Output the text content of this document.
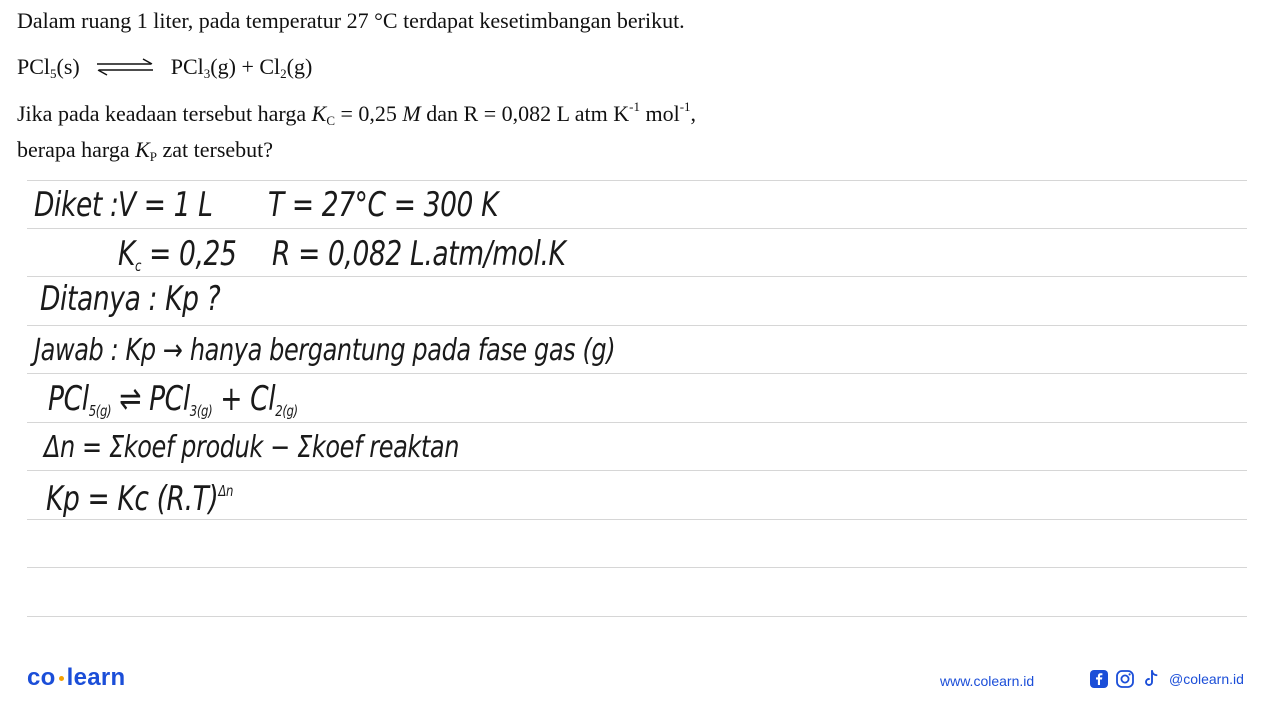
Dalam ruang 1 liter, pada temperatur 27 °C terdapat kesetimbangan berikut.
PCl$_5$(s) ⇌ $PCl_3(g) + Cl_2(g)$
Jika pada keadaan tersebut harga $K_C = 0,25$ M dan R = 0,082 L atm $K^{-1}$ mol$^{-1}$,
berapa harga $K_P$ zat tersebut?
Diket : V = 1 L T = 27°C = 300 K
$K_c = 0,25$ R = 0,082 L.atm/mol.K
Ditanya : Kp ?
Jawab : Kp → hanya bergantung pada fase gas (g)
PCl$_{5(g)}$ ⇌ $PCl_{3(g)} + Cl_{2(g)}$
Δn = Σkoef produk − Σkoef reaktan
Kp = Kc $(R.T)^{\Delta n}$
co learn	www.colearn.id	@colearn.id
